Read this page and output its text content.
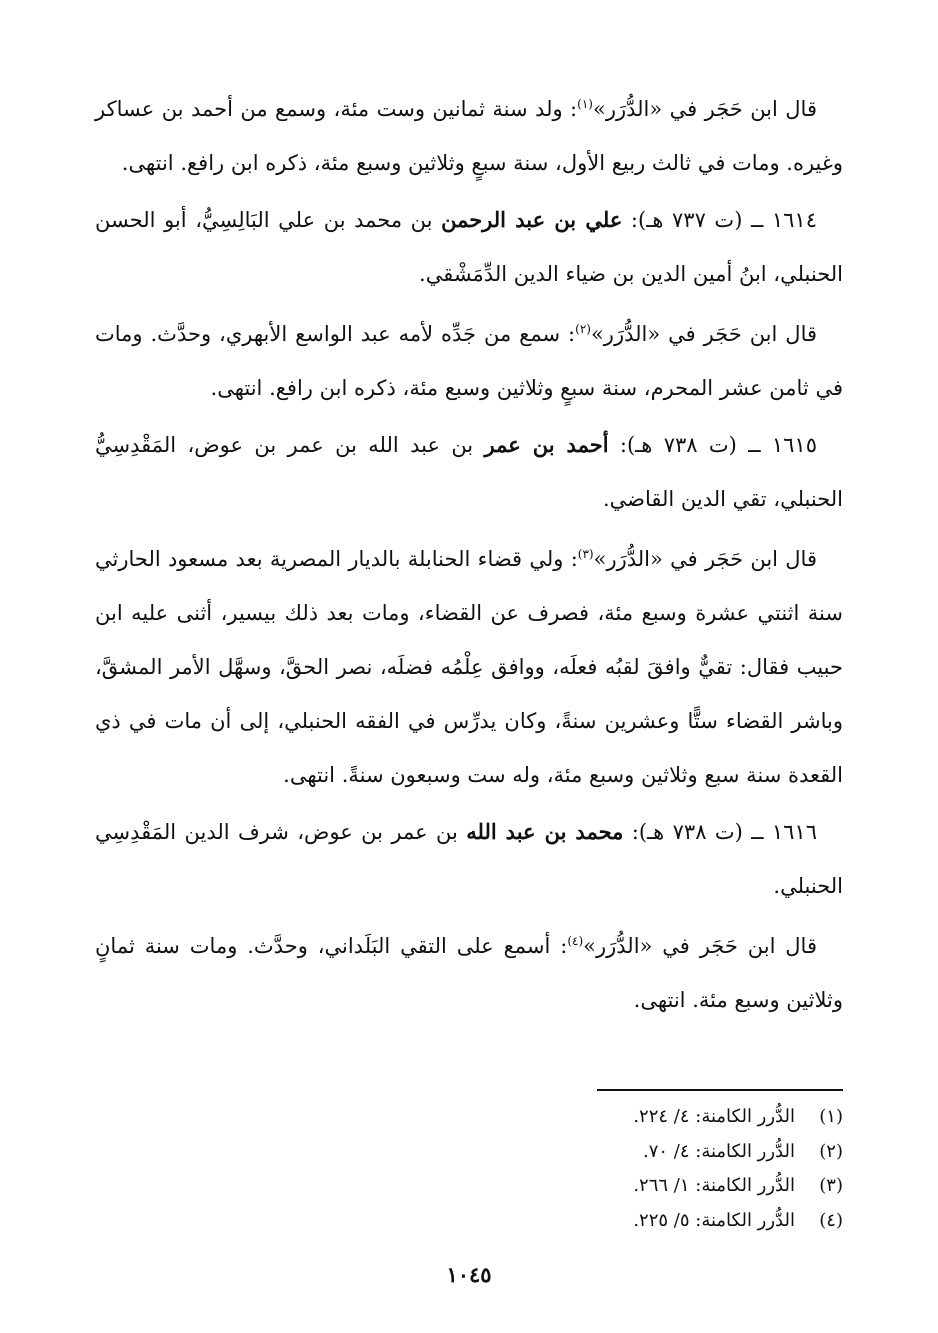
قال ابن حَجَر في «الدُّرَر»$^{(١)}$: ولد سنة ثمانين وست مئة، وسمع من أحمد بن عساكر وغيره. ومات في ثالث ربيع الأول، سنة سبعٍ وثلاثين وسبع مئة، ذكره ابن رافع. انتهى.

١٦١٤ ــ (ت ٧٣٧ هـ): علي بن عبد الرحمن بن محمد بن علي البَالِسِيُّ، أبو الحسن الحنبلي، ابنُ أمين الدين بن ضياء الدين الدِّمَشْقي.

قال ابن حَجَر في «الدُّرَر»$^{(٢)}$: سمع من جَدِّه لأمه عبد الواسع الأبهري، وحدَّث. ومات في ثامن عشر المحرم، سنة سبعٍ وثلاثين وسبع مئة، ذكره ابن رافع. انتهى.

١٦١٥ ــ (ت ٧٣٨ هـ): أحمد بن عمر بن عبد الله بن عمر بن عوض، المَقْدِسِيُّ الحنبلي، تقي الدين القاضي.

قال ابن حَجَر في «الدُّرَر»$^{(٣)}$: ولي قضاء الحنابلة بالديار المصرية بعد مسعود الحارثي سنة اثنتي عشرة وسبع مئة، فصرف عن القضاء، ومات بعد ذلك بيسير، أثنى عليه ابن حبيب فقال: تقيٌّ وافقَ لقبُه فعلَه، ووافق عِلْمُه فضلَه، نصر الحقَّ، وسهَّل الأمر المشقَّ، وباشر القضاء ستًّا وعشرين سنةً، وكان يدرِّس في الفقه الحنبلي، إلى أن مات في ذي القعدة سنة سبع وثلاثين وسبع مئة، وله ست وسبعون سنةً. انتهى.

١٦١٦ ــ (ت ٧٣٨ هـ): محمد بن عبد الله بن عمر بن عوض، شرف الدين المَقْدِسِي الحنبلي.

قال ابن حَجَر في «الدُّرَر»$^{(٤)}$: أسمع على التقي البَلَداني، وحدَّث. ومات سنة ثمانٍ وثلاثين وسبع مئة. انتهى.

(١)الدُّرر الكامنة: ٤/ ٢٢٤.
(٢)الدُّرر الكامنة: ٤/ ٧٠.
(٣)الدُّرر الكامنة: ١/ ٢٦٦.
(٤)الدُّرر الكامنة: ٥/ ٢٢٥.
١٠٤٥
